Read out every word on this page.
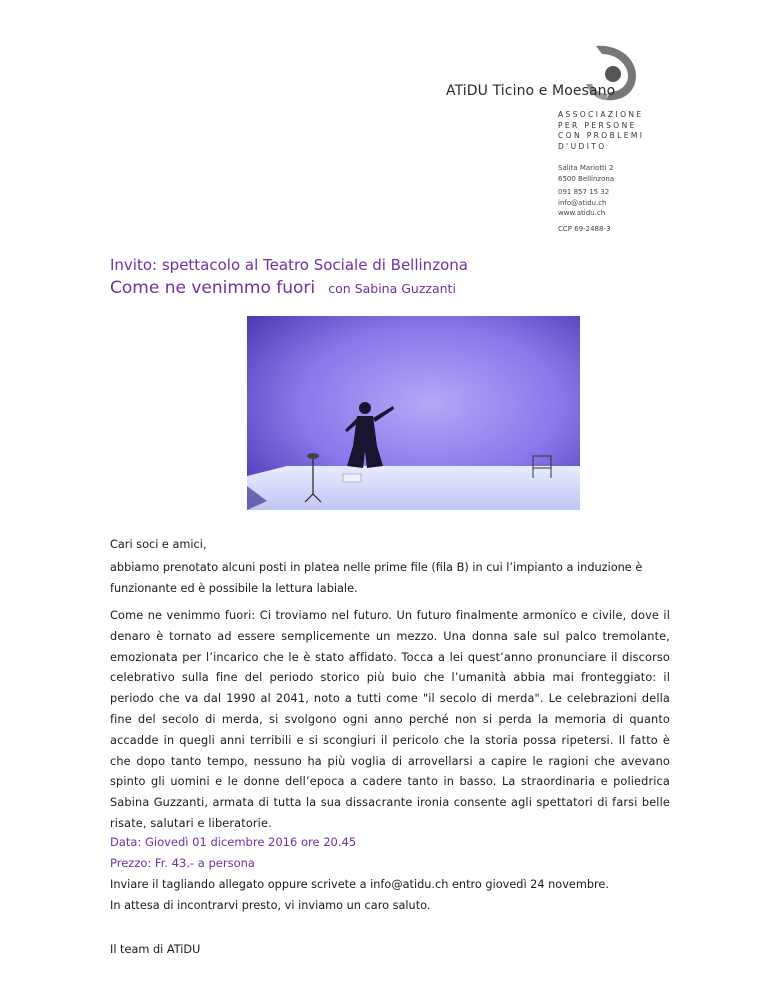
ATiDU Ticino e Moesano
ASSOCIAZIONE
PER PERSONE
CON PROBLEMI
D'UDITO
Salita Mariotti 2
6500 Bellinzona
091 857 15 32
info@atidu.ch
www.atidu.ch
CCP 69-2488-3
Invito: spettacolo al Teatro Sociale di Bellinzona
Come ne venimmo fuori con Sabina Guzzanti
Cari soci e amici,
abbiamo prenotato alcuni posti in platea nelle prime file (fila B) in cui l’impianto a induzione è funzionante ed è possibile la lettura labiale.
Come ne venimmo fuori: Ci troviamo nel futuro. Un futuro finalmente armonico e civile, dove il denaro è tornato ad essere semplicemente un mezzo. Una donna sale sul palco tremolante, emozionata per l’incarico che le è stato affidato. Tocca a lei quest’anno pronunciare il discorso celebrativo sulla fine del periodo storico più buio che l’umanità abbia mai fronteggiato: il periodo che va dal 1990 al 2041, noto a tutti come "il secolo di merda". Le celebrazioni della fine del secolo di merda, si svolgono ogni anno perché non si perda la memoria di quanto accadde in quegli anni terribili e si scongiuri il pericolo che la storia possa ripetersi. Il fatto è che dopo tanto tempo, nessuno ha più voglia di arrovellarsi a capire le ragioni che avevano spinto gli uomini e le donne dell’epoca a cadere tanto in basso. La straordinaria e poliedrica Sabina Guzzanti, armata di tutta la sua dissacrante ironia consente agli spettatori di farsi belle risate, salutari e liberatorie.
Data: Giovedì 01 dicembre 2016 ore 20.45
Prezzo: Fr. 43.- a persona
Inviare il tagliando allegato oppure scrivete a info@atidu.ch entro giovedì 24 novembre.
In attesa di incontrarvi presto, vi inviamo un caro saluto.
Il team di ATiDU
